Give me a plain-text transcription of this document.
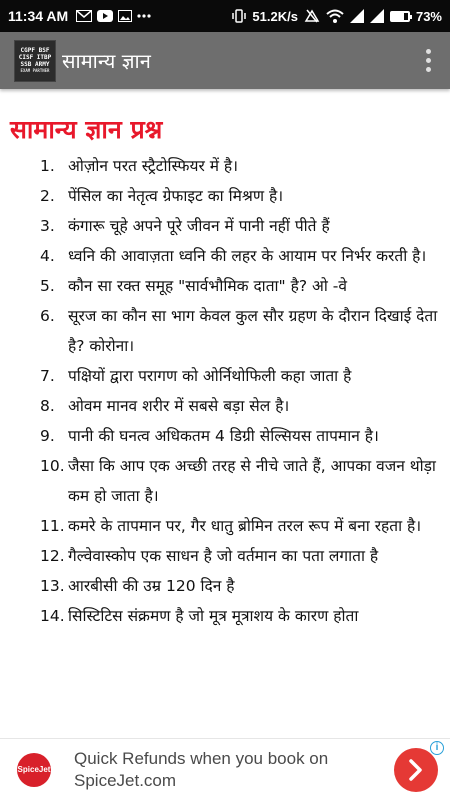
11:34 AM	51.2K/s	73%
CGPF BSF
CISF ITBP
SSB ARMY
EXAM PARTNER सामान्य ज्ञान
सामान्य ज्ञान प्रश्न
1. ओज़ोन परत स्ट्रैटोस्फियर में है।
2. पेंसिल का नेतृत्व ग्रेफाइट का मिश्रण है।
3. कंगारू चूहे अपने पूरे जीवन में पानी नहीं पीते हैं
4. ध्वनि की आवाज़ता ध्वनि की लहर के आयाम पर निर्भर करती है।
5. कौन सा रक्त समूह "सार्वभौमिक दाता" है? ओ -वे
6. सूरज का कौन सा भाग केवल कुल सौर ग्रहण के दौरान दिखाई देता है? कोरोना।
7. पक्षियों द्वारा परागण को ओर्निथोफिली कहा जाता है
8. ओवम मानव शरीर में सबसे बड़ा सेल है।
9. पानी की घनत्व अधिकतम 4 डिग्री सेल्सियस तापमान है।
10. जैसा कि आप एक अच्छी तरह से नीचे जाते हैं, आपका वजन थोड़ा कम हो जाता है।
11. कमरे के तापमान पर, गैर धातु ब्रोमिन तरल रूप में बना रहता है।
12. गैल्वेवास्कोप एक साधन है जो वर्तमान का पता लगाता है
13. आरबीसी की उम्र 120 दिन है
14. सिस्टिटिस संक्रमण है जो मूत्र मूत्राशय के कारण होता
SpiceJet
Quick Refunds when you book on SpiceJet.com
i
